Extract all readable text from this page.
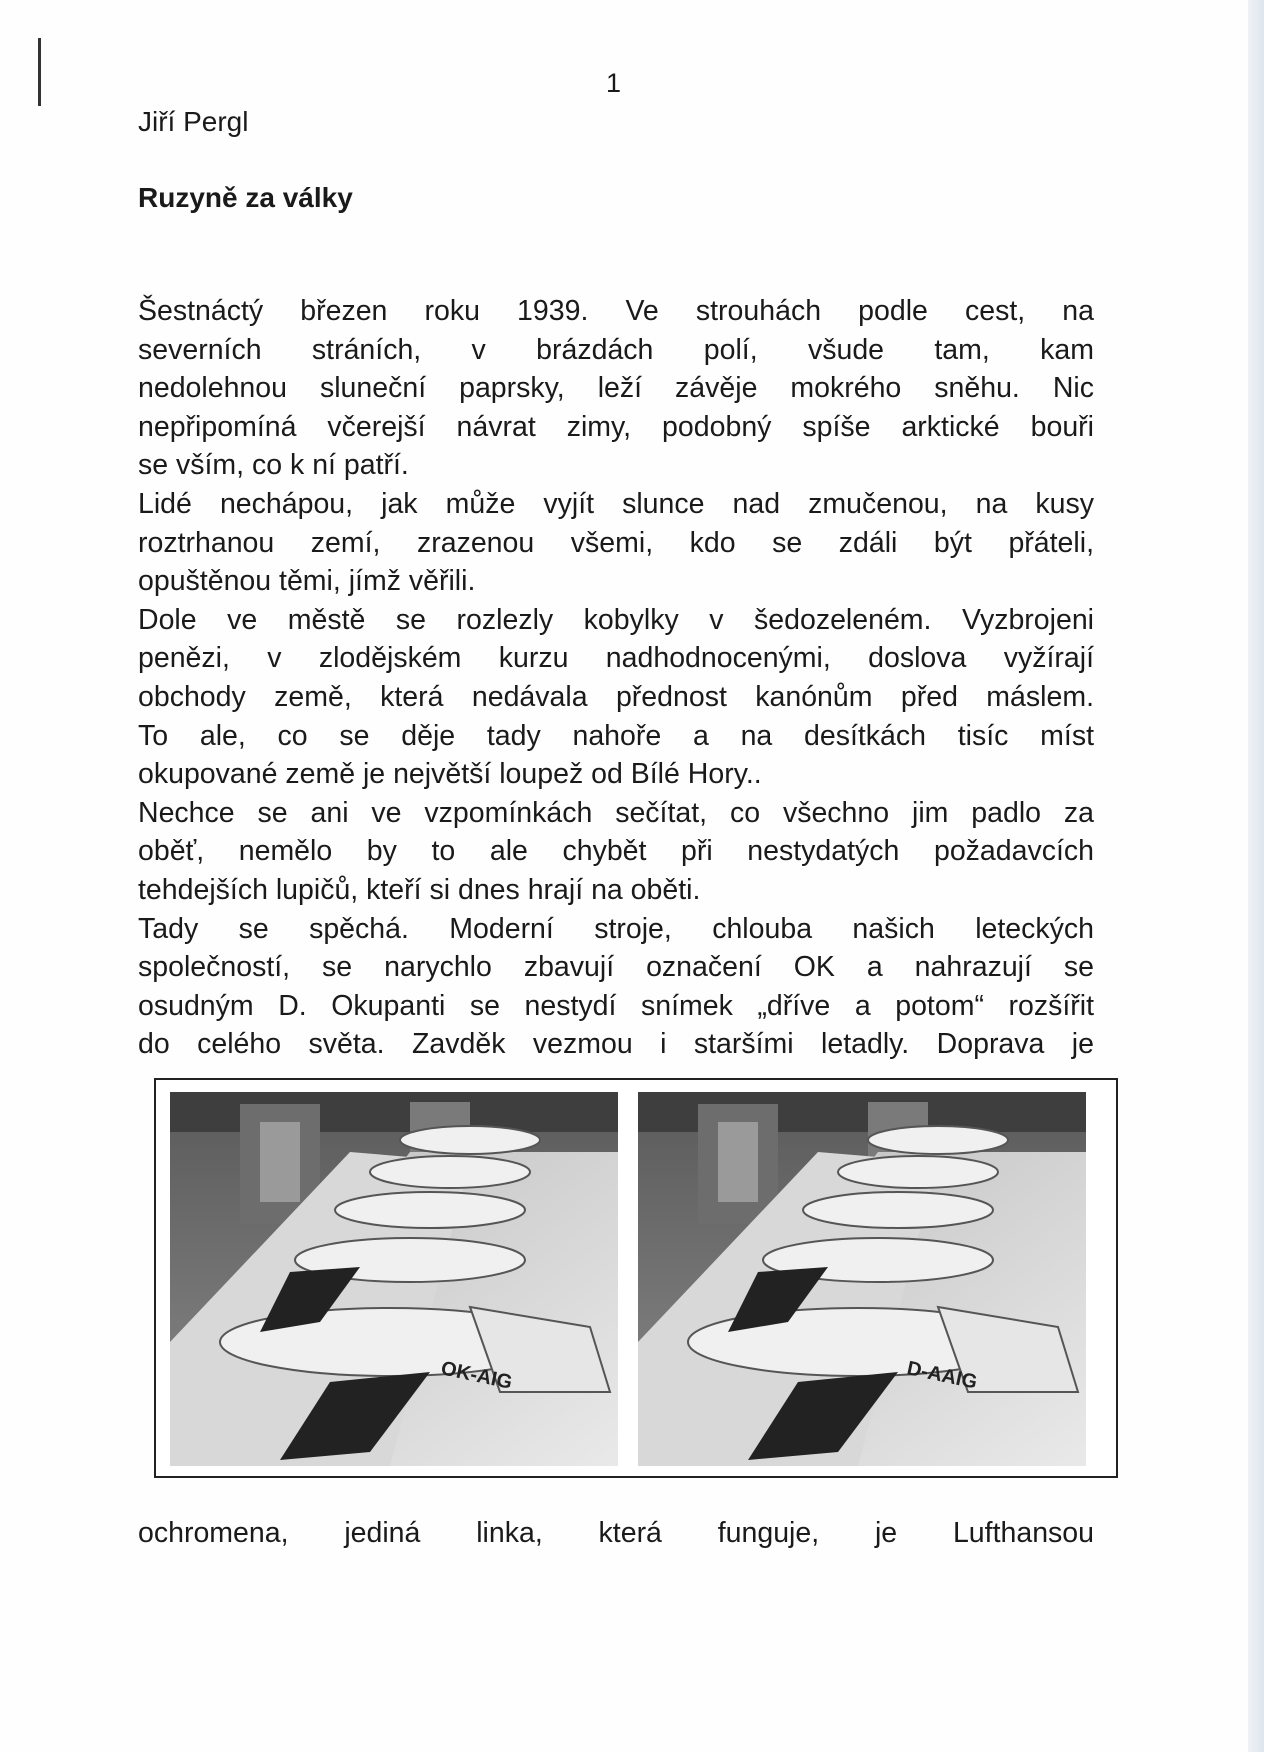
1
Jiří Pergl
Ruzyně za války
Šestnáctý březen roku 1939. Ve strouhách podle cest, na
severních stráních, v brázdách polí, všude tam, kam
nedolehnou sluneční paprsky, leží závěje mokrého sněhu. Nic
nepřipomíná včerejší návrat zimy, podobný spíše arktické bouři
se vším, co k ní patří.
Lidé nechápou, jak může vyjít slunce nad zmučenou, na kusy
roztrhanou zemí, zrazenou všemi, kdo se zdáli být přáteli,
opuštěnou těmi, jímž věřili.
Dole ve městě se rozlezly kobylky v šedozeleném. Vyzbrojeni
penězi, v zlodějském kurzu nadhodnocenými, doslova vyžírají
obchody země, která nedávala přednost kanónům před máslem.
To ale, co se děje tady nahoře a na desítkách tisíc míst
okupované země je největší loupež od Bílé Hory..
Nechce se ani ve vzpomínkách sečítat, co všechno jim padlo za
oběť, nemělo by to ale chybět při nestydatých požadavcích
tehdejších lupičů, kteří si dnes hrají na oběti.
Tady se spěchá. Moderní stroje, chlouba našich leteckých
společností, se narychlo zbavují označení OK a nahrazují se
osudným D. Okupanti se nestydí snímek „dříve a potom“ rozšířit
do celého světa. Zavděk vezmou i staršími letadly. Doprava je
OK-AIG	D-AAIG
ochromena, jediná linka, která funguje, je Lufthansou
